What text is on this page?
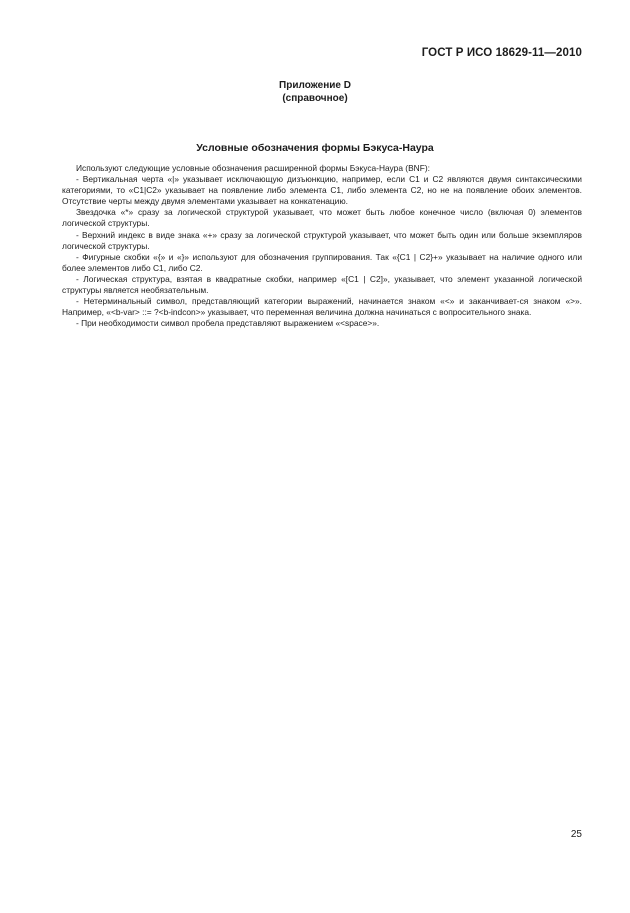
ГОСТ Р ИСО 18629-11—2010
Приложение D
(справочное)
Условные обозначения формы Бэкуса-Наура

Используют следующие условные обозначения расширенной формы Бэкуса-Наура (BNF):

- Вертикальная черта «|» указывает исключающую дизъюнкцию, например, если С1 и С2 являются двумя синтаксическими категориями, то «C1|C2» указывает на появление либо элемента С1, либо элемента С2, но не на появление обоих элементов. Отсутствие черты между двумя элементами указывает на конкатенацию.

Звездочка «*» сразу за логической структурой указывает, что может быть любое конечное число (включая 0) элементов логической структуры.

- Верхний индекс в виде знака «+» сразу за логической структурой указывает, что может быть один или больше экземпляров логической структуры.

- Фигурные скобки «{» и «}» используют для обозначения группирования. Так «{C1 | C2}+» указывает на наличие одного или более элементов либо С1, либо С2.

- Логическая структура, взятая в квадратные скобки, например «[C1 | C2]», указывает, что элемент указанной логической структуры является необязательным.

- Нетерминальный символ, представляющий категории выражений, начинается знаком «<» и заканчивает-ся знаком «>». Например, «<b-var> ::= ?<b-indcon>» указывает, что переменная величина должна начинаться с вопросительного знака.

- При необходимости символ пробела представляют выражением «<space>».

25
